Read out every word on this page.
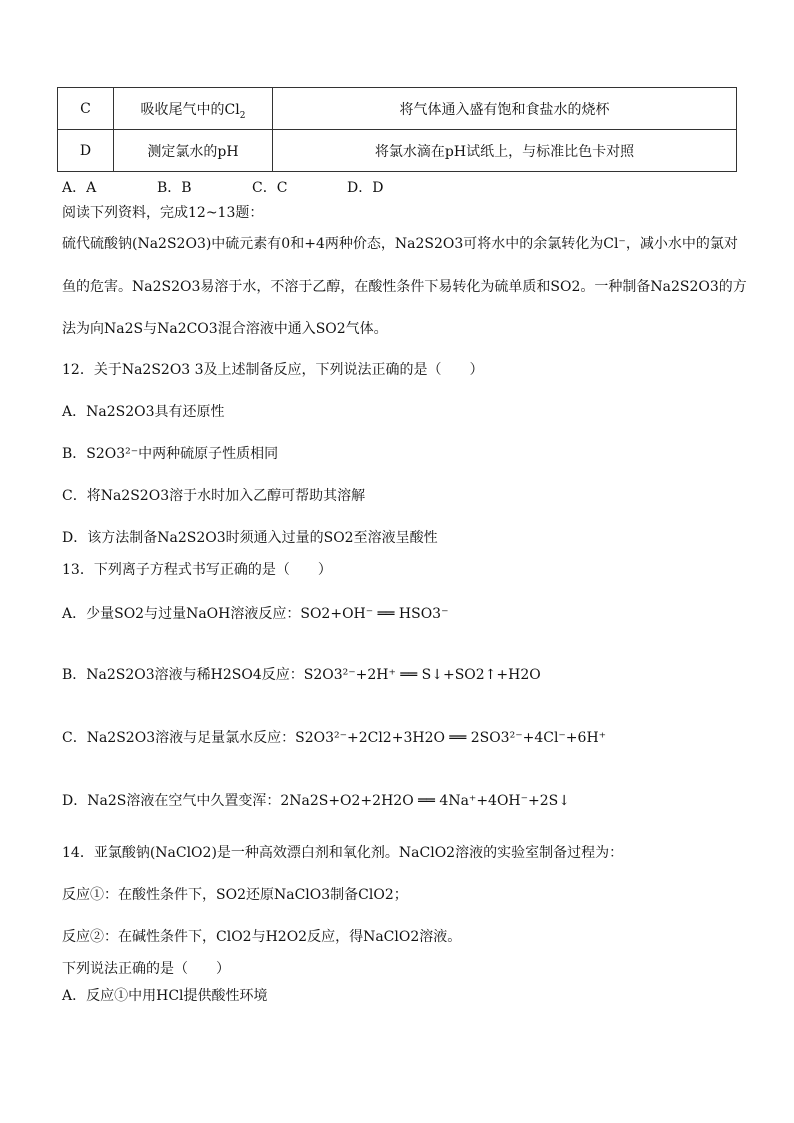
C	吸收尾气中的$Cl_2$	将气体通入盛有饱和食盐水的烧杯
D	测定氯水的pH	将氯水滴在pH试纸上，与标准比色卡对照
A．A	B．B	C．C	D．D
阅读下列资料，完成12~13题：
硫代硫酸钠(Na2S2O3)中硫元素有0和+4两种价态，Na2S2O3可将水中的余氯转化为Cl⁻，减小水中的氯对
鱼的危害。Na2S2O3易溶于水，不溶于乙醇，在酸性条件下易转化为硫单质和SO2。一种制备Na2S2O3的方
法为向Na2S与Na2CO3混合溶液中通入SO2气体。
12．关于Na2S2O3 3及上述制备反应，下列说法正确的是（　　）
A．Na2S2O3具有还原性
B．S2O3²⁻中两种硫原子性质相同
C．将Na2S2O3溶于水时加入乙醇可帮助其溶解
D．该方法制备Na2S2O3时须通入过量的SO2至溶液呈酸性
13．下列离子方程式书写正确的是（　　）
A．少量SO2与过量NaOH溶液反应：SO2+OH⁻ ══ HSO3⁻
B．Na2S2O3溶液与稀H2SO4反应：S2O3²⁻+2H⁺ ══ S↓+SO2↑+H2O
C．Na2S2O3溶液与足量氯水反应：S2O3²⁻+2Cl2+3H2O ══ 2SO3²⁻+4Cl⁻+6H⁺
D．Na2S溶液在空气中久置变浑：2Na2S+O2+2H2O ══ 4Na⁺+4OH⁻+2S↓
14．亚氯酸钠(NaClO2)是一种高效漂白剂和氧化剂。NaClO2溶液的实验室制备过程为：
反应①：在酸性条件下，SO2还原NaClO3制备ClO2；
反应②：在碱性条件下，ClO2与H2O2反应，得NaClO2溶液。
下列说法正确的是（　　）
A．反应①中用HCl提供酸性环境
